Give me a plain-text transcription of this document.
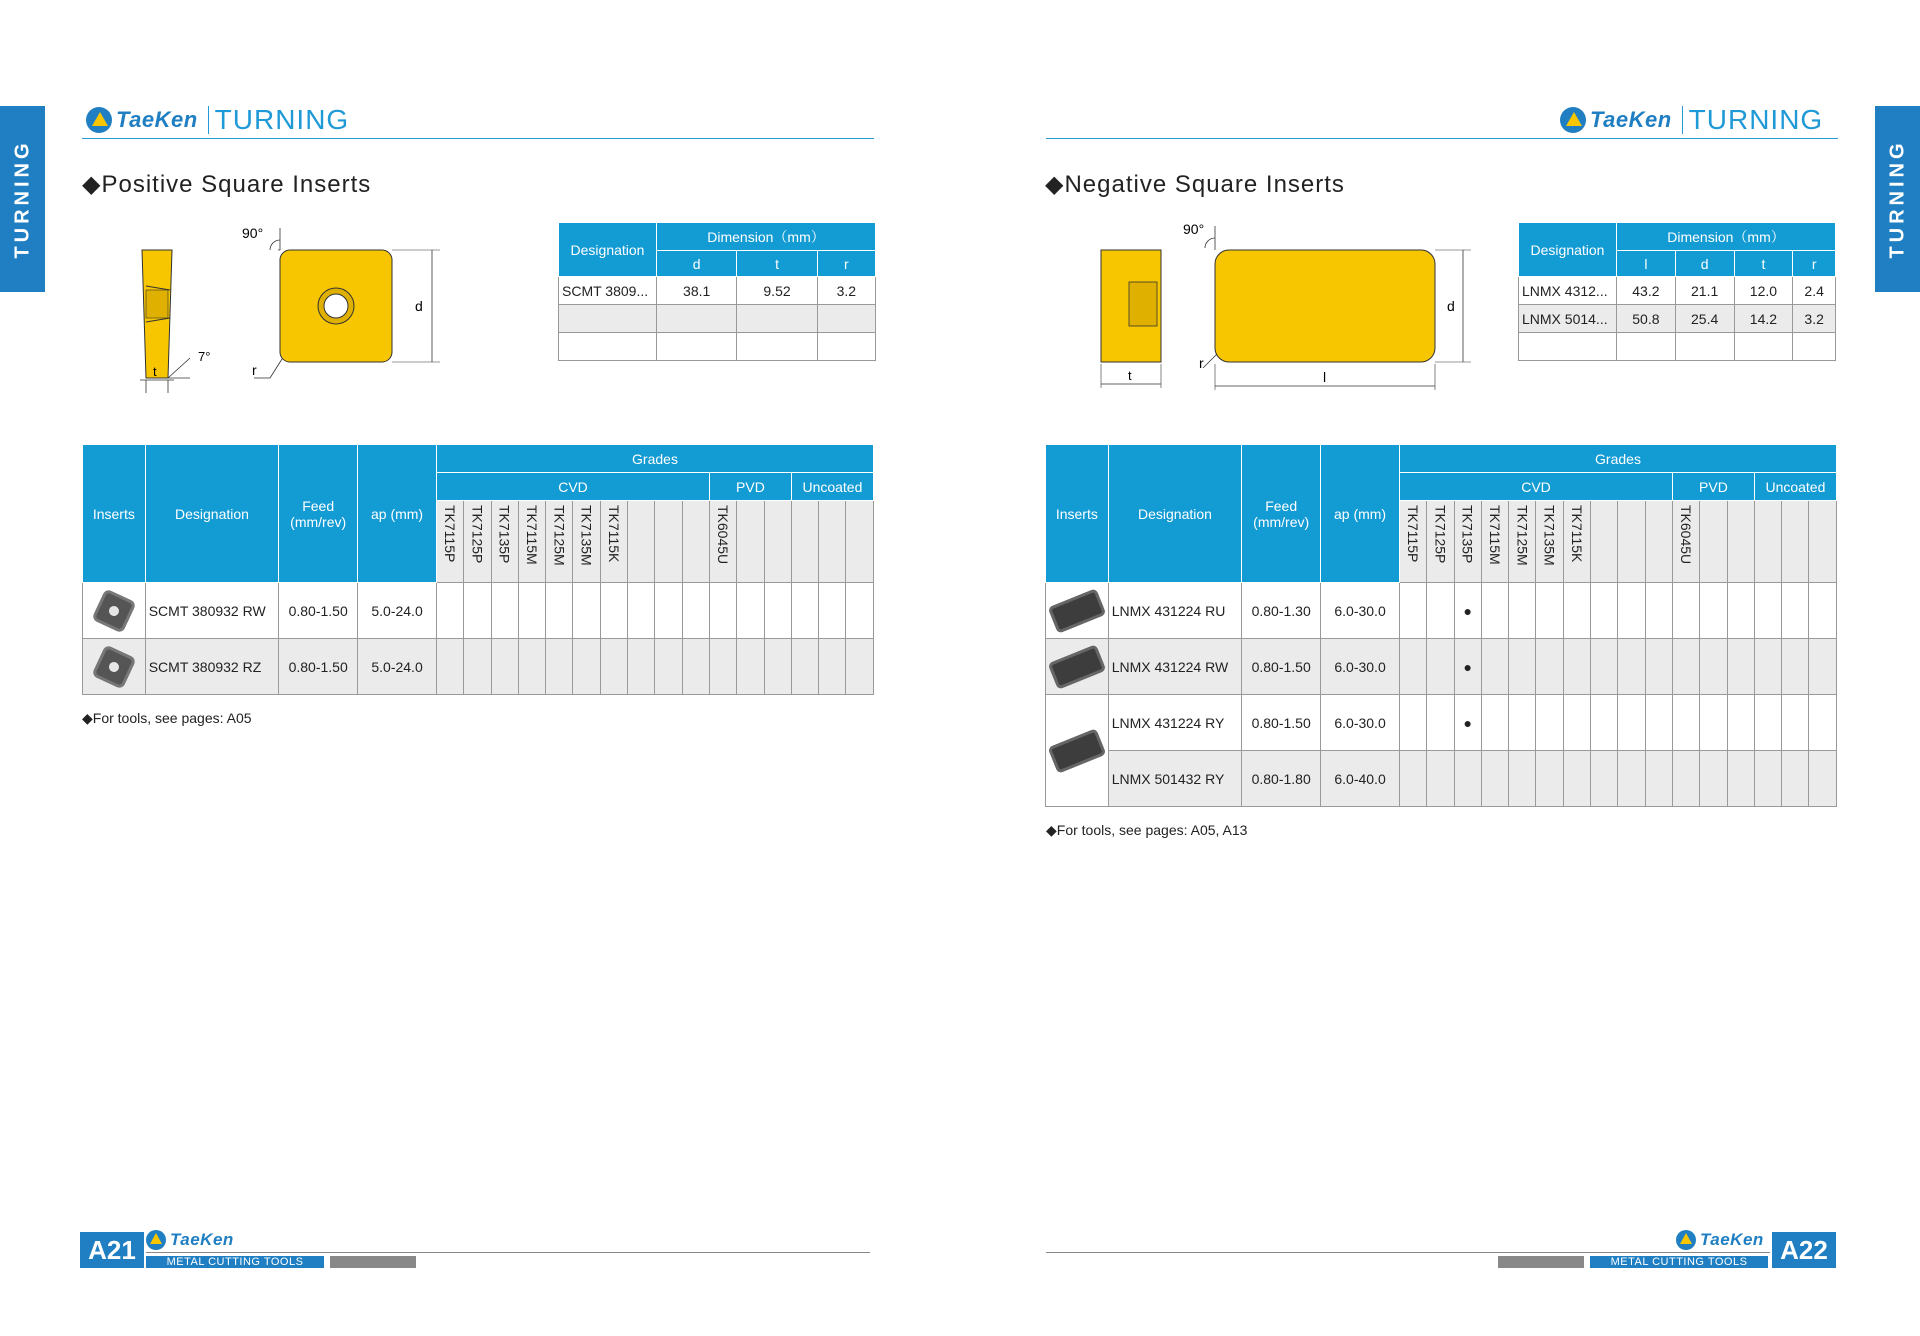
TURNING	TURNING
TaeKen TURNING	TaeKen TURNING
◆Positive Square Inserts	◆Negative Square Inserts
7°
t
90°
d
r
Designation	Dimension（mm）		
	d	t	r
SCMT 3809...	38.1	9.52	3.2

t
90°
d
l
r
Designation	Dimension（mm）			
	l	d	t	r
LNMX 4312...	43.2	21.1	12.0	2.4
LNMX 5014...	50.8	25.4	14.2	3.2

Inserts	Designation	Feed (mm/rev)	ap (mm)	Grades															
				CVD										PVD			Uncoated		

				TK7115P	TK7125P	TK7135P	TK7115M	TK7125M	TK7135M	TK7115K				TK6045U					

	SCMT 380932 RW	0.80-1.50	5.0-24.0																

	SCMT 380932 RZ	0.80-1.50	5.0-24.0																
◆For tools, see pages: A05
Inserts	Designation	Feed (mm/rev)	ap (mm)	Grades															
				CVD										PVD			Uncoated		

				TK7115P	TK7125P	TK7135P	TK7115M	TK7125M	TK7135M	TK7115K				TK6045U					

	LNMX 431224 RU	0.80-1.30	6.0-30.0			●													

	LNMX 431224 RW	0.80-1.50	6.0-30.0			●													

	LNMX 431224 RY	0.80-1.50	6.0-30.0			●													
	LNMX 501432 RY	0.80-1.80	6.0-40.0																
◆For tools, see pages: A05, A13
A21	TaeKen
METAL CUTTING TOOLS	A22
TaeKen
METAL CUTTING TOOLS
